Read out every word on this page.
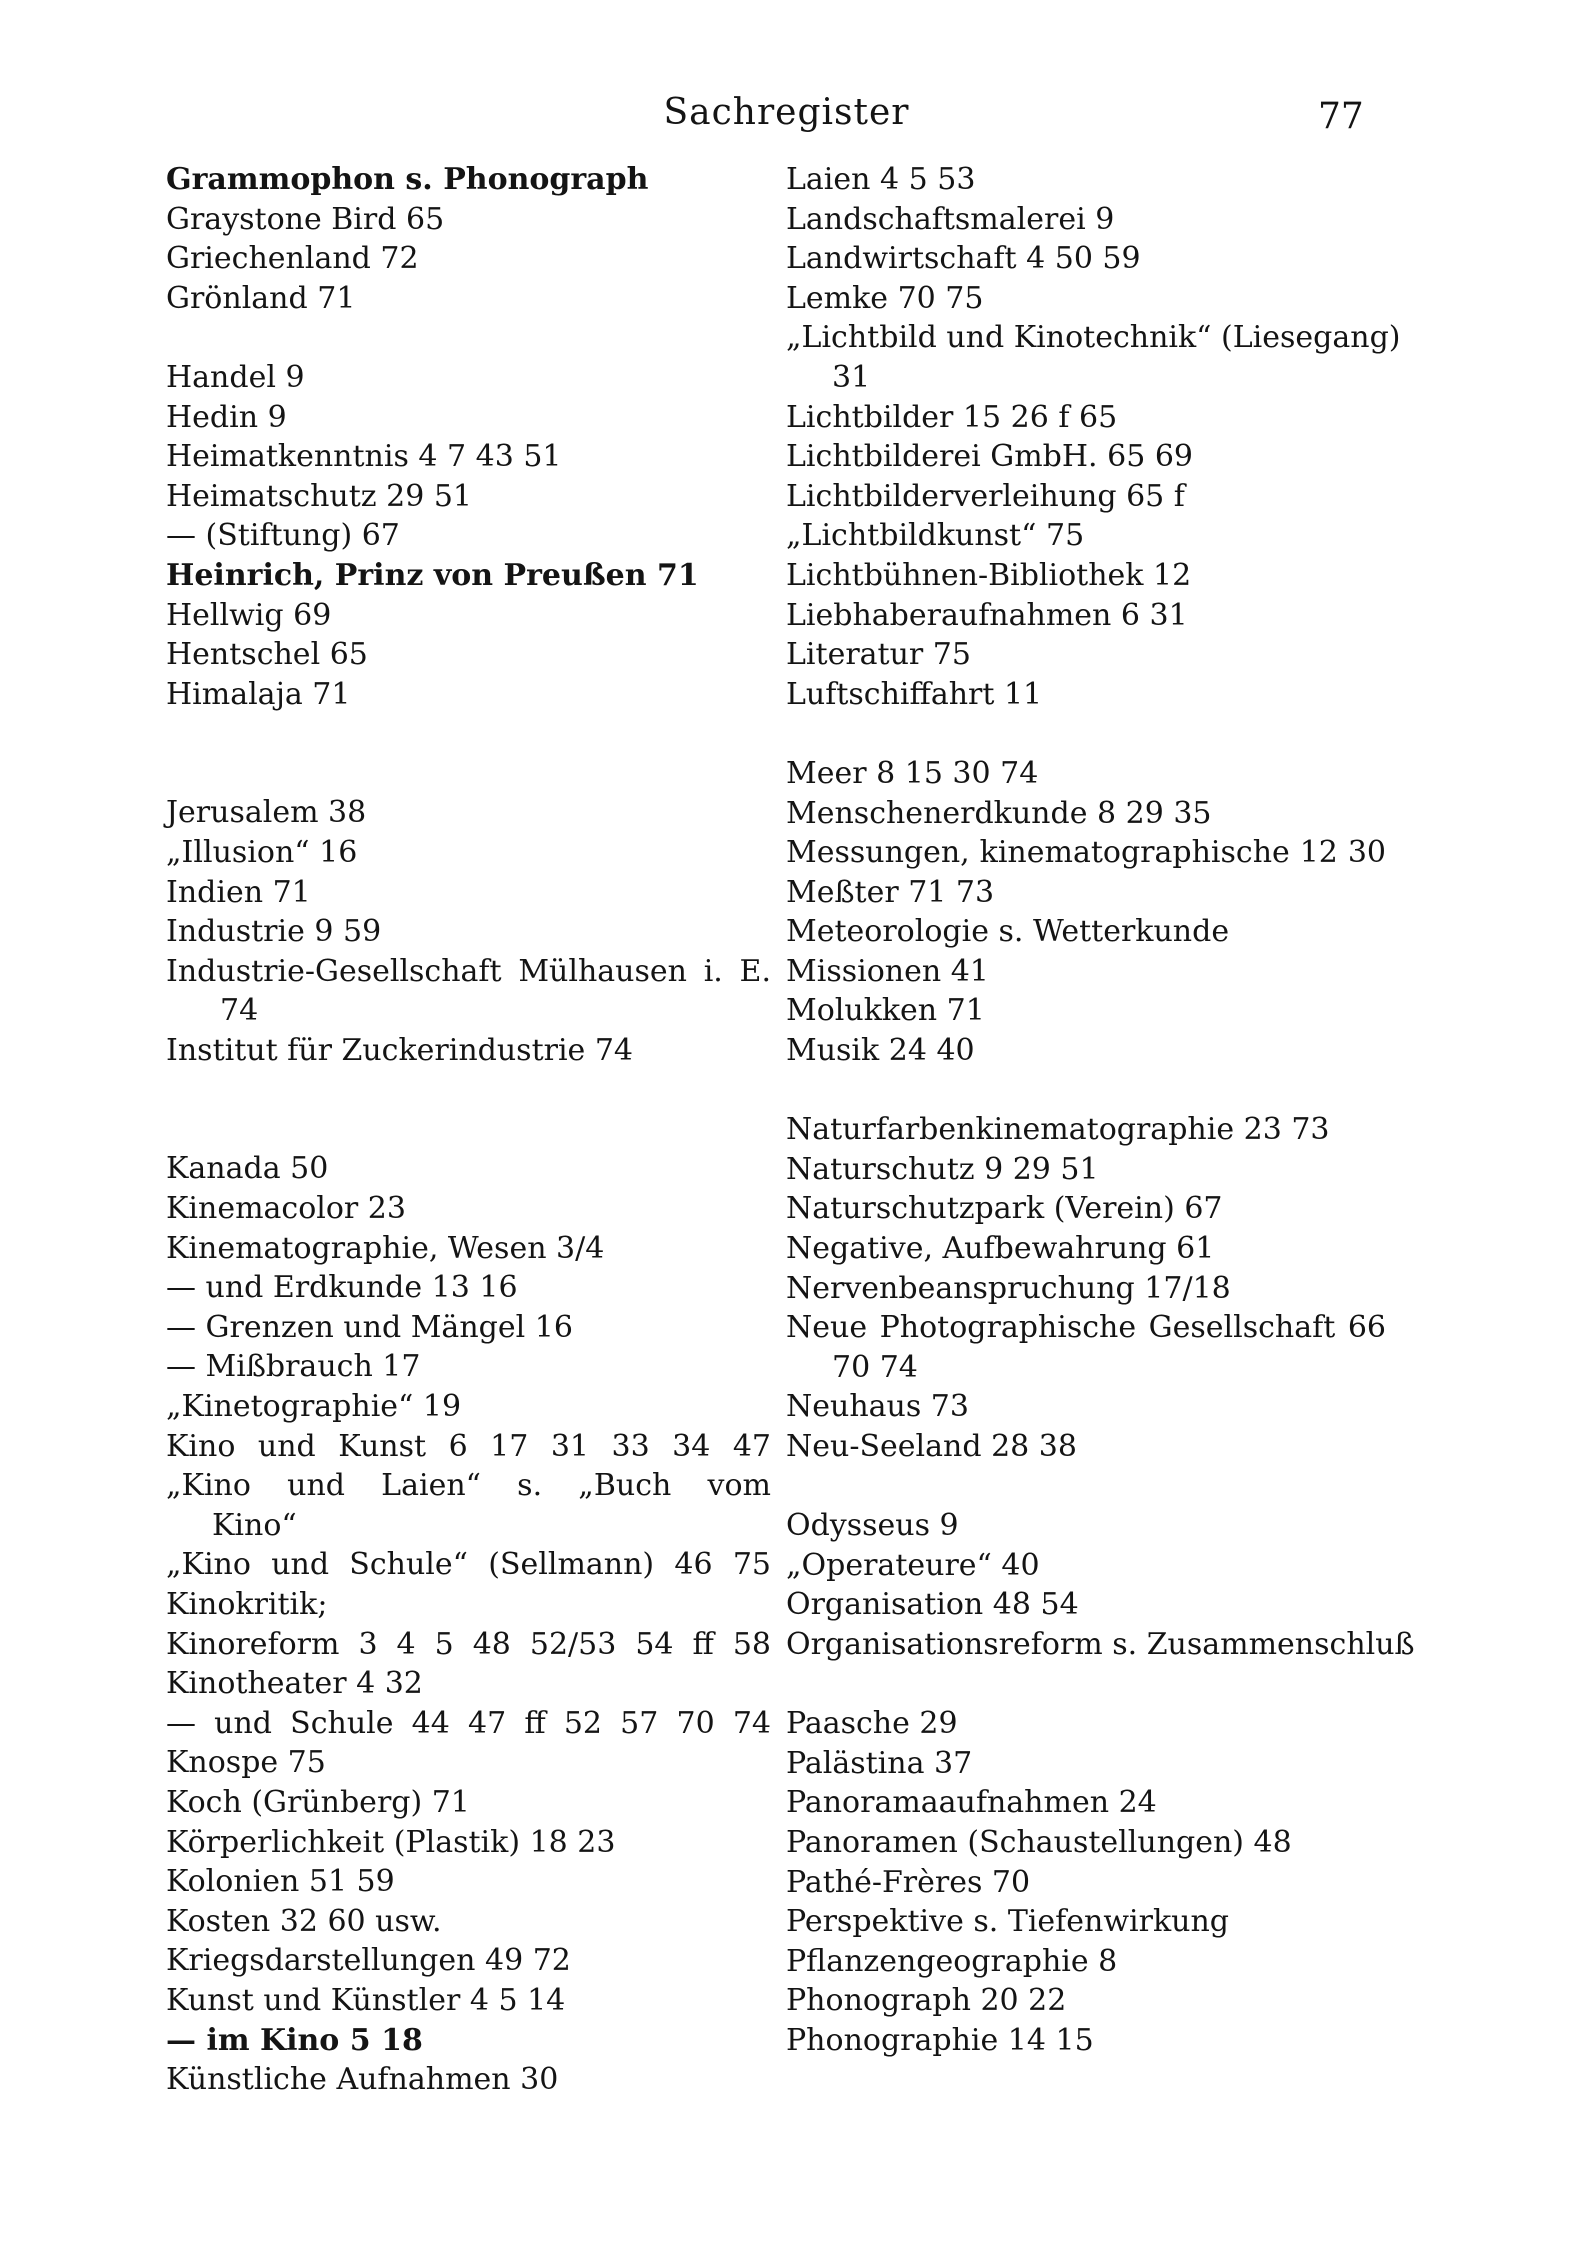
Sachregister	77
Grammophon s. Phonograph
Graystone Bird 65
Griechenland 72
Grönland 71
Handel 9
Hedin 9
Heimatkenntnis 4 7 43 51
Heimatschutz 29 51
— (Stiftung) 67
Heinrich, Prinz von Preußen 71
Hellwig 69
Hentschel 65
Himalaja 71
Jerusalem 38
„Illusion“ 16
Indien 71
Industrie 9 59
Industrie-Gesellschaft Mülhausen i. E.
74
Institut für Zuckerindustrie 74
Kanada 50
Kinemacolor 23
Kinematographie, Wesen 3/4
— und Erdkunde 13 16
— Grenzen und Mängel 16
— Mißbrauch 17
„Kinetographie“ 19
Kino und Kunst 6 17 31 33 34 47
„Kino und Laien“ s. „Buch vom
Kino“
„Kino und Schule“ (Sellmann) 46 75
Kinokritik;
Kinoreform 3 4 5 48 52/53 54 ff 58
Kinotheater 4 32
— und Schule 44 47 ff 52 57 70 74
Knospe 75
Koch (Grünberg) 71
Körperlichkeit (Plastik) 18 23
Kolonien 51 59
Kosten 32 60 usw.
Kriegsdarstellungen 49 72
Kunst und Künstler 4 5 14
— im Kino 5 18
Künstliche Aufnahmen 30
Laien 4 5 53
Landschaftsmalerei 9
Landwirtschaft 4 50 59
Lemke 70 75
„Lichtbild und Kinotechnik“ (Liesegang)
31
Lichtbilder 15 26 f 65
Lichtbilderei GmbH. 65 69
Lichtbilderverleihung 65 f
„Lichtbildkunst“ 75
Lichtbühnen-Bibliothek 12
Liebhaberaufnahmen 6 31
Literatur 75
Luftschiffahrt 11
Meer 8 15 30 74
Menschenerdkunde 8 29 35
Messungen, kinematographische 12 30
Meßter 71 73
Meteorologie s. Wetterkunde
Missionen 41
Molukken 71
Musik 24 40
Naturfarbenkinematographie 23 73
Naturschutz 9 29 51
Naturschutzpark (Verein) 67
Negative, Aufbewahrung 61
Nervenbeanspruchung 17/18
Neue Photographische Gesellschaft 66
70 74
Neuhaus 73
Neu-Seeland 28 38
Odysseus 9
„Operateure“ 40
Organisation 48 54
Organisationsreform s. Zusammenschluß
Paasche 29
Palästina 37
Panoramaaufnahmen 24
Panoramen (Schaustellungen) 48
Pathé-Frères 70
Perspektive s. Tiefenwirkung
Pflanzengeographie 8
Phonograph 20 22
Phonographie 14 15
